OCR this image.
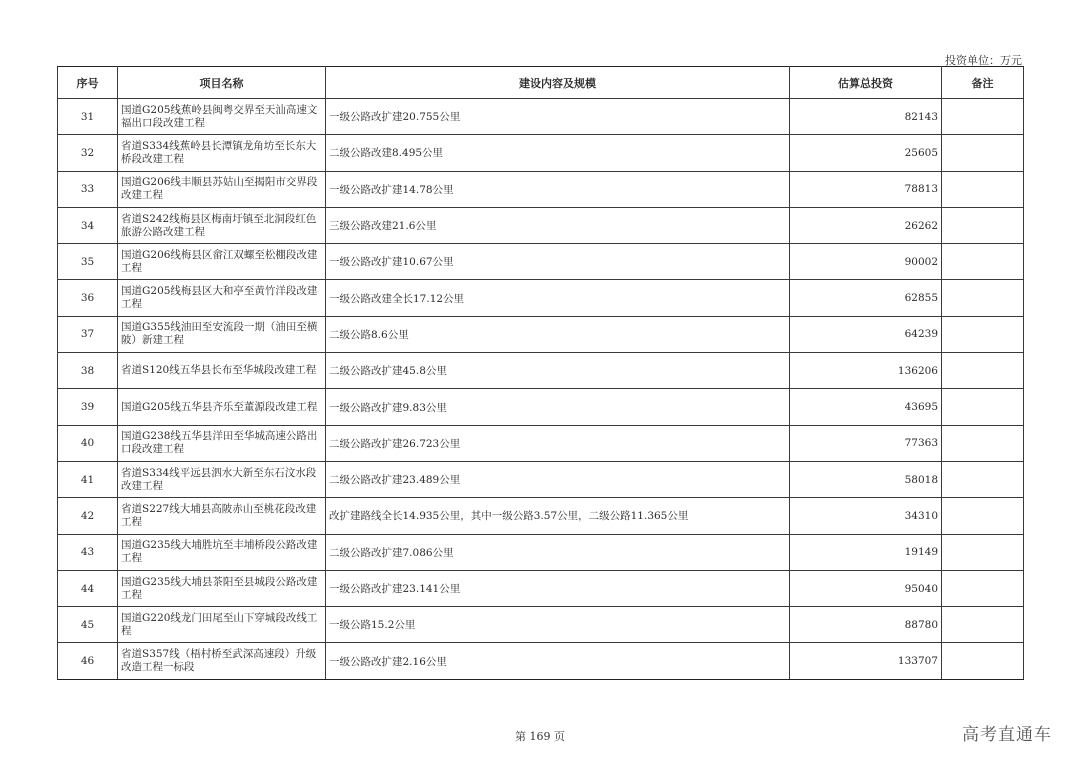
投资单位：万元
序号	项目名称	建设内容及规模	估算总投资	备注
31	国道G205线蕉岭县闽粤交界至天汕高速文福出口段改建工程	一级公路改扩建20.755公里	82143	
32	省道S334线蕉岭县长潭镇龙角坊至长东大桥段改建工程	二级公路改建8.495公里	25605	
33	国道G206线丰顺县苏姑山至揭阳市交界段改建工程	一级公路改扩建14.78公里	78813	
34	省道S242线梅县区梅南圩镇至北洞段红色旅游公路改建工程	三级公路改建21.6公里	26262	
35	国道G206线梅县区畲江双螺至松棚段改建工程	一级公路改扩建10.67公里	90002	
36	国道G205线梅县区大和亭至黄竹洋段改建工程	一级公路改建全长17.12公里	62855	
37	国道G355线油田至安流段一期（油田至横陂）新建工程	二级公路8.6公里	64239	
38	省道S120线五华县长布至华城段改建工程	二级公路改扩建45.8公里	136206	
39	国道G205线五华县齐乐至董源段改建工程	一级公路改扩建9.83公里	43695	
40	国道G238线五华县洋田至华城高速公路出口段改建工程	二级公路改扩建26.723公里	77363	
41	省道S334线平远县泗水大新至东石汶水段改建工程	二级公路改扩建23.489公里	58018	
42	省道S227线大埔县高陂赤山至桃花段改建工程	改扩建路线全长14.935公里，其中一级公路3.57公里，二级公路11.365公里	34310	
43	国道G235线大埔胜坑至丰埔桥段公路改建工程	二级公路改扩建7.086公里	19149	
44	国道G235线大埔县茶阳至县城段公路改建工程	一级公路改扩建23.141公里	95040	
45	国道G220线龙门田尾至山下穿城段改线工程	一级公路15.2公里	88780	
46	省道S357线（梧村桥至武深高速段）升级改造工程一标段	一级公路改扩建2.16公里	133707	
第 169 页	高考直通车
